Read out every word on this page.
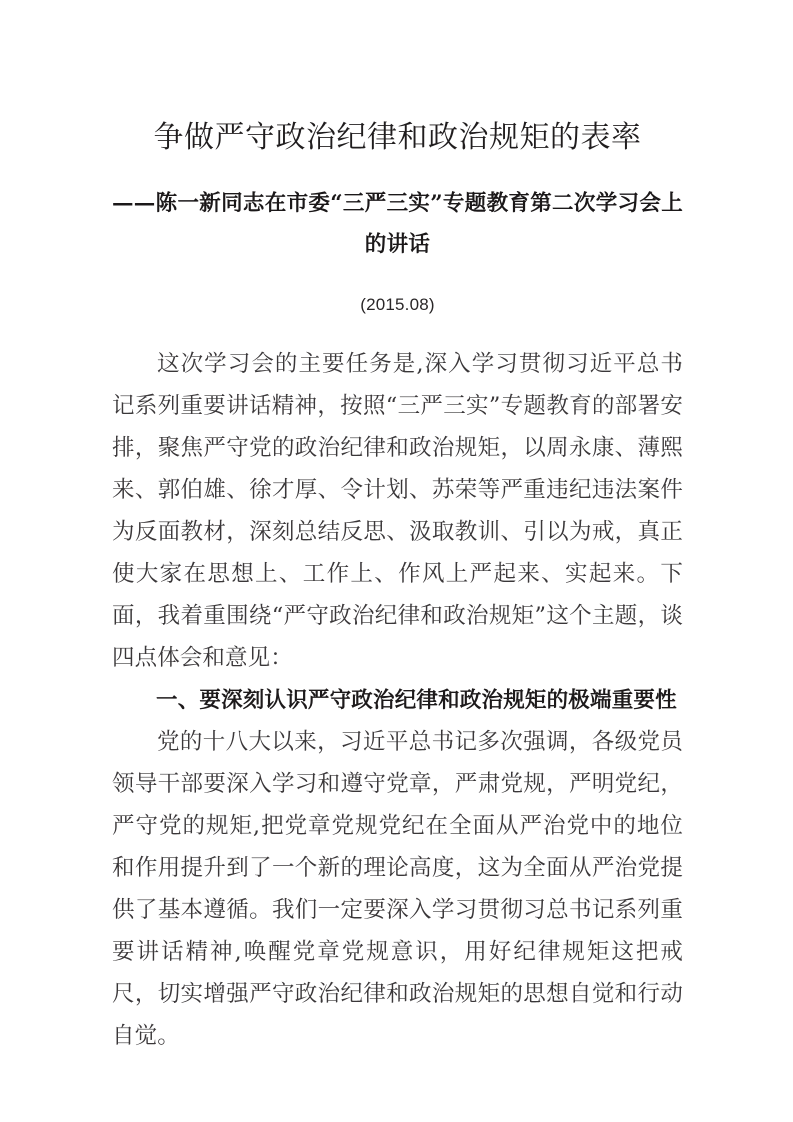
争做严守政治纪律和政治规矩的表率
——陈一新同志在市委“三严三实”专题教育第二次学习会上
的讲话
(2015.08)

这次学习会的主要任务是,深入学习贯彻习近平总书记系列重要讲话精神，按照“三严三实”专题教育的部署安排，聚焦严守党的政治纪律和政治规矩，以周永康、薄熙来、郭伯雄、徐才厚、令计划、苏荣等严重违纪违法案件为反面教材，深刻总结反思、汲取教训、引以为戒，真正使大家在思想上、工作上、作风上严起来、实起来。下面，我着重围绕“严守政治纪律和政治规矩”这个主题，谈四点体会和意见：

一、要深刻认识严守政治纪律和政治规矩的极端重要性

党的十八大以来，习近平总书记多次强调，各级党员领导干部要深入学习和遵守党章，严肃党规，严明党纪，严守党的规矩,把党章党规党纪在全面从严治党中的地位和作用提升到了一个新的理论高度，这为全面从严治党提供了基本遵循。我们一定要深入学习贯彻习总书记系列重要讲话精神,唤醒党章党规意识，用好纪律规矩这把戒尺，切实增强严守政治纪律和政治规矩的思想自觉和行动自觉。
